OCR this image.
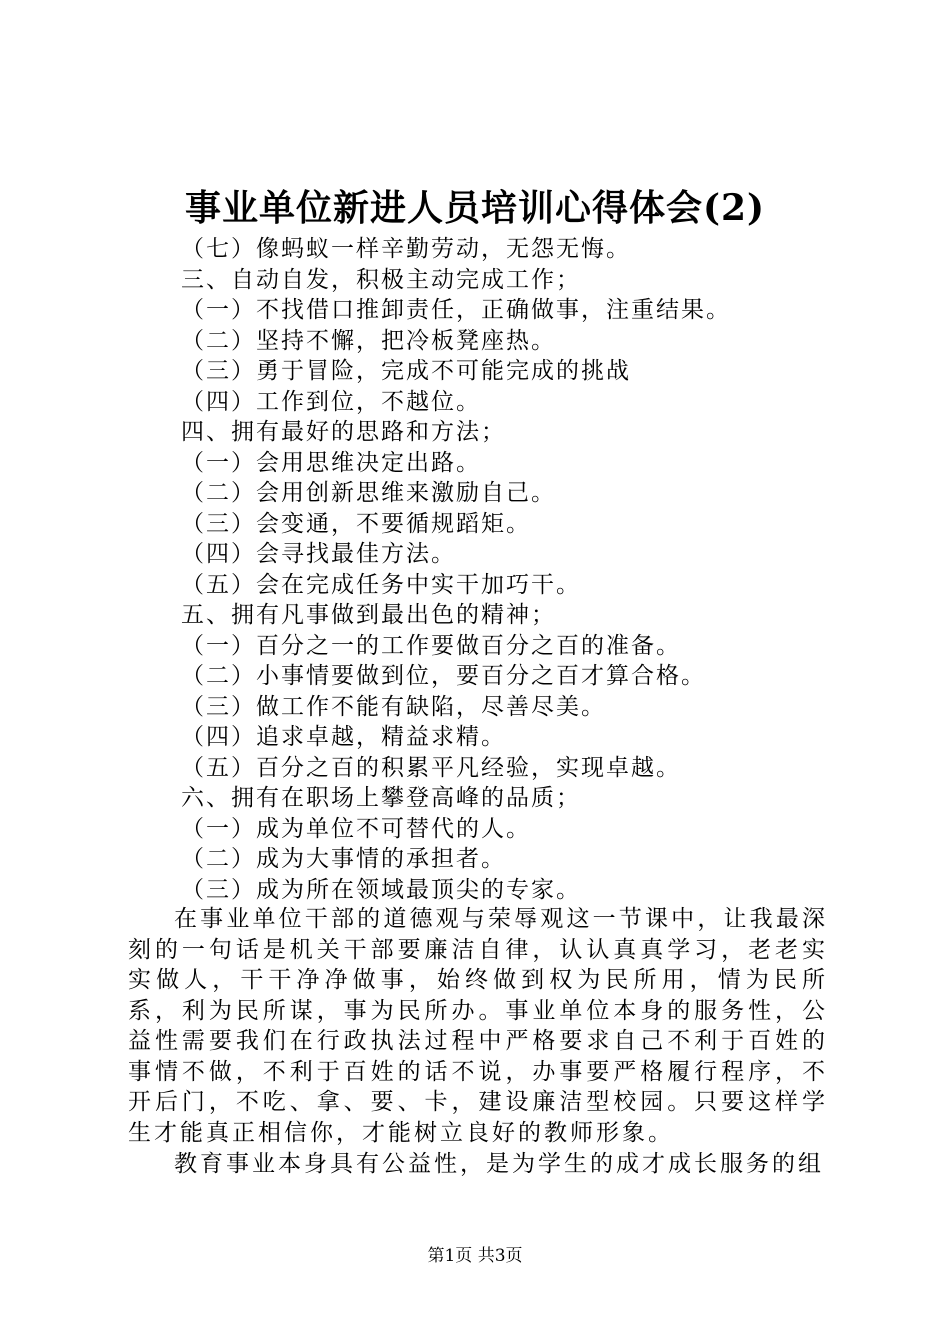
事业单位新进人员培训心得体会(2)
（七）像蚂蚁一样辛勤劳动，无怨无悔。
三、自动自发，积极主动完成工作；
（一）不找借口推卸责任，正确做事，注重结果。
（二）坚持不懈，把冷板凳座热。
（三）勇于冒险，完成不可能完成的挑战
（四）工作到位，不越位。
四、拥有最好的思路和方法；
（一）会用思维决定出路。
（二）会用创新思维来激励自己。
（三）会变通，不要循规蹈矩。
（四）会寻找最佳方法。
（五）会在完成任务中实干加巧干。
五、拥有凡事做到最出色的精神；
（一）百分之一的工作要做百分之百的准备。
（二）小事情要做到位，要百分之百才算合格。
（三）做工作不能有缺陷，尽善尽美。
（四）追求卓越，精益求精。
（五）百分之百的积累平凡经验，实现卓越。
六、拥有在职场上攀登高峰的品质；
（一）成为单位不可替代的人。
（二）成为大事情的承担者。
（三）成为所在领域最顶尖的专家。

在事业单位干部的道德观与荣辱观这一节课中，让我最深刻的一句话是机关干部要廉洁自律，认认真真学习，老老实实做人，干干净净做事，始终做到权为民所用，情为民所系，利为民所谋，事为民所办。事业单位本身的服务性，公益性需要我们在行政执法过程中严格要求自己不利于百姓的事情不做，不利于百姓的话不说，办事要严格履行程序，不开后门，不吃、拿、要、卡，建设廉洁型校园。只要这样学生才能真正相信你，才能树立良好的教师形象。

教育事业本身具有公益性，是为学生的成才成长服务的组

第1页 共3页
